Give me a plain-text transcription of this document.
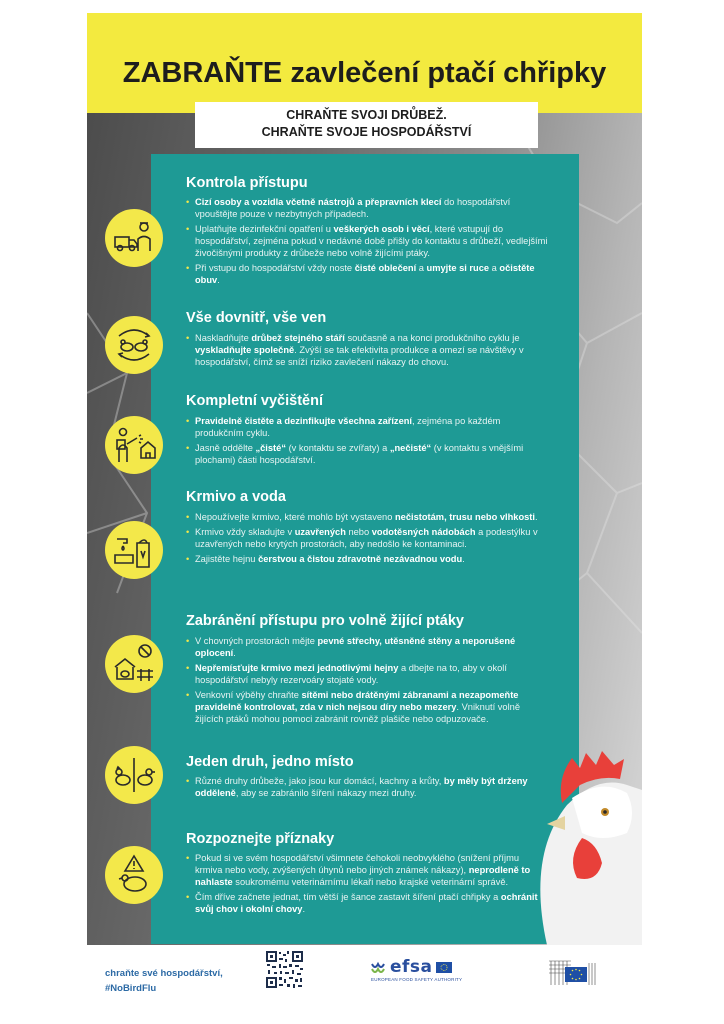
ZABRAŇTE zavlečení ptačí chřipky
CHRAŇTE SVOJI DRŮBEŽ.
CHRAŇTE SVOJE HOSPODÁŘSTVÍ
Kontrola přístupu
• Cizí osoby a vozidla včetně nástrojů a přepravních klecí do hospodářství vpouštějte pouze v nezbytných případech.
• Uplatňujte dezinfekční opatření u veškerých osob i věcí, které vstupují do hospodářství, zejména pokud v nedávné době přišly do kontaktu s drůbeží, vedlejšími živočišnými produkty z drůbeže nebo volně žijícími ptáky.
• Při vstupu do hospodářství vždy noste čisté oblečení a umyjte si ruce a očistěte obuv.
Vše dovnitř, vše ven
• Naskladňujte drůbež stejného stáří současně a na konci produkčního cyklu je vyskladňujte společně. Zvýší se tak efektivita produkce a omezí se návštěvy v hospodářství, čímž se sníží riziko zavlečení nákazy do chovu.
Kompletní vyčištění
• Pravidelně čistěte a dezinfikujte všechna zařízení, zejména po každém produkčním cyklu.
• Jasně oddělte „čisté“ (v kontaktu se zvířaty) a „nečisté“ (v kontaktu s vnějšími plochami) části hospodářství.
Krmivo a voda
• Nepoužívejte krmivo, které mohlo být vystaveno nečistotám, trusu nebo vlhkosti.
• Krmivo vždy skladujte v uzavřených nebo vodotěsných nádobách a podestýlku v uzavřených nebo krytých prostorách, aby nedošlo ke kontaminaci.
• Zajistěte hejnu čerstvou a čistou zdravotně nezávadnou vodu.
Zabránění přístupu pro volně žijící ptáky
• V chovných prostorách mějte pevné střechy, utěsněné stěny a neporušené oplocení.
• Nepřemísťujte krmivo mezi jednotlivými hejny a dbejte na to, aby v okolí hospodářství nebyly rezervoáry stojaté vody.
• Venkovní výběhy chraňte sítěmi nebo drátěnými zábranami a nezapomeňte pravidelně kontrolovat, zda v nich nejsou díry nebo mezery. Vniknutí volně žijících ptáků mohou pomoci zabránit rovněž plašiče nebo odpuzovače.
Jeden druh, jedno místo
• Různé druhy drůbeže, jako jsou kur domácí, kachny a krůty, by měly být drženy odděleně, aby se zabránilo šíření nákazy mezi druhy.
Rozpoznejte příznaky
• Pokud si ve svém hospodářství všimnete čehokoli neobvyklého (snížení příjmu krmiva nebo vody, zvýšených úhynů nebo jiných známek nákazy), neprodleně to nahlaste soukromému veterinárnímu lékaři nebo krajské veterinární správě.
• Čím dříve začnete jednat, tím větší je šance zastavit šíření ptačí chřipky a ochránit svůj chov i okolní chovy.
chraňte své hospodářství,
#NoBirdFlu
efsa
EUROPEAN FOOD SAFETY AUTHORITY
